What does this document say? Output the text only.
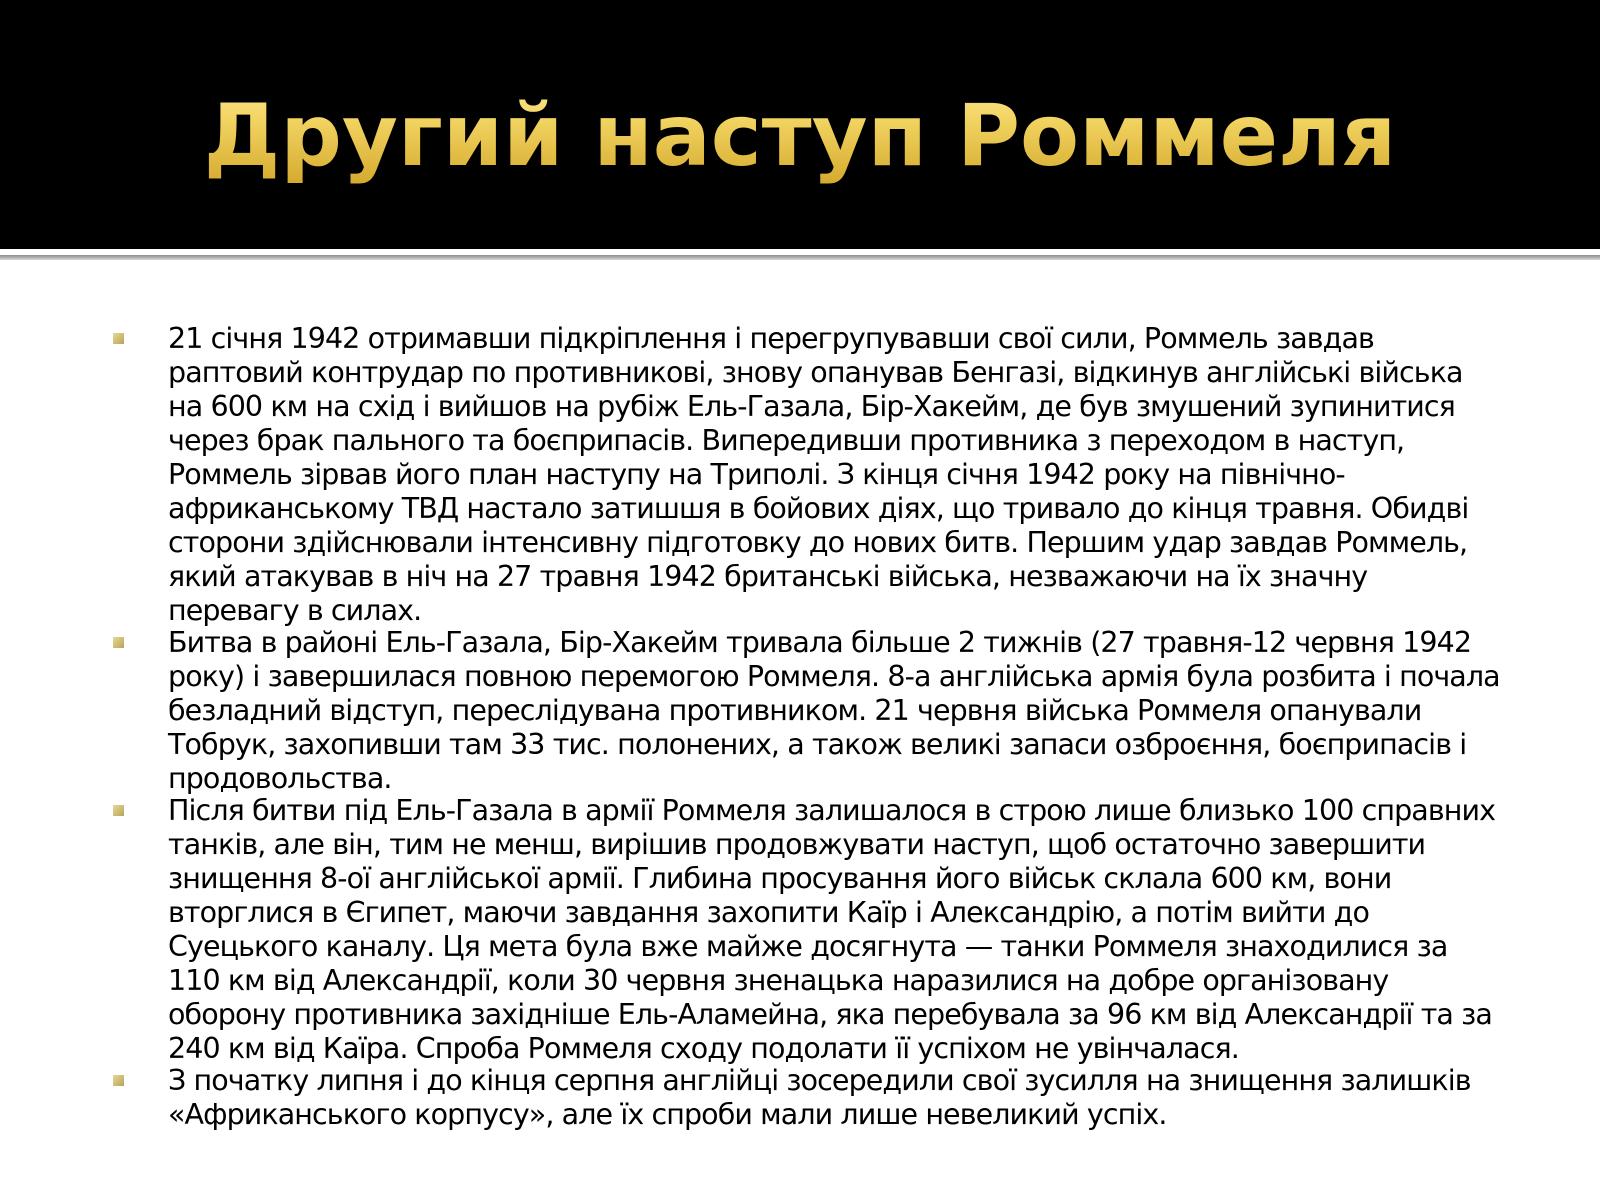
Другий наступ Роммеля
21 січня 1942 отримавши підкріплення і перегрупувавши свої сили, Роммель завдав раптовий контрудар по противникові, знову опанував Бенгазі, відкинув англійські війська на 600 км на схід і вийшов на рубіж Ель-Газала, Бір-Хакейм, де був змушений зупинитися через брак пального та боєприпасів. Випередивши противника з переходом в наступ, Роммель зірвав його план наступу на Триполі. З кінця січня 1942 року на північно-африканському ТВД настало затишшя в бойових діях, що тривало до кінця травня. Обидві сторони здійснювали інтенсивну підготовку до нових битв. Першим удар завдав Роммель, який атакував в ніч на 27 травня 1942 британські війська, незважаючи на їх значну перевагу в силах.
Битва в районі Ель-Газала, Бір-Хакейм тривала більше 2 тижнів (27 травня-12 червня 1942 року) і завершилася повною перемогою Роммеля. 8-а англійська армія була розбита і почала безладний відступ, переслідувана противником. 21 червня війська Роммеля опанували Тобрук, захопивши там 33 тис. полонених, а також великі запаси озброєння, боєприпасів і продовольства.
Після битви під Ель-Газала в армії Роммеля залишалося в строю лише близько 100 справних танків, але він, тим не менш, вирішив продовжувати наступ, щоб остаточно завершити знищення 8-ої англійської армії. Глибина просування його військ склала 600 км, вони вторглися в Єгипет, маючи завдання захопити Каїр і Александрію, а потім вийти до Суецького каналу. Ця мета була вже майже досягнута — танки Роммеля знаходилися за 110 км від Александрії, коли 30 червня зненацька наразилися на добре організовану оборону противника західніше Ель-Аламейна, яка перебувала за 96 км від Александрії та за 240 км від Каїра. Спроба Роммеля сходу подолати її успіхом не увінчалася.
З початку липня і до кінця серпня англійці зосередили свої зусилля на знищення залишків «Африканського корпусу», але їх спроби мали лише невеликий успіх.
